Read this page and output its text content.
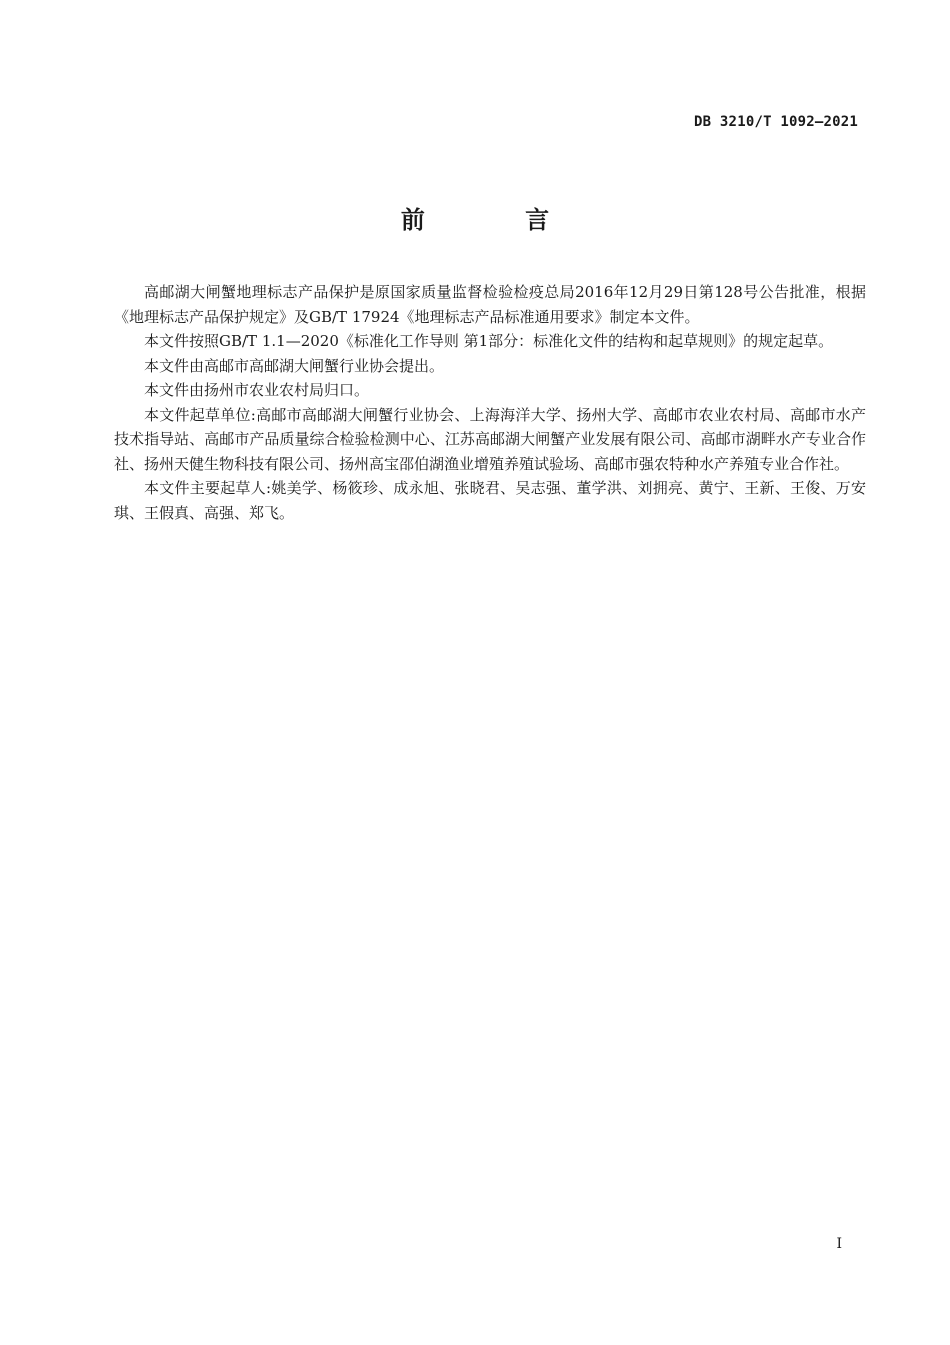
DB 3210/T 1092—2021
前 言

高邮湖大闸蟹地理标志产品保护是原国家质量监督检验检疫总局2016年12月29日第128号公告批准，根据《地理标志产品保护规定》及GB/T 17924《地理标志产品标准通用要求》制定本文件。

本文件按照GB/T 1.1—2020《标准化工作导则 第1部分：标准化文件的结构和起草规则》的规定起草。

本文件由高邮市高邮湖大闸蟹行业协会提出。

本文件由扬州市农业农村局归口。

本文件起草单位:高邮市高邮湖大闸蟹行业协会、上海海洋大学、扬州大学、高邮市农业农村局、高邮市水产技术指导站、高邮市产品质量综合检验检测中心、江苏高邮湖大闸蟹产业发展有限公司、高邮市湖畔水产专业合作社、扬州天健生物科技有限公司、扬州高宝邵伯湖渔业增殖养殖试验场、高邮市强农特种水产养殖专业合作社。

本文件主要起草人:姚美学、杨筱珍、成永旭、张晓君、吴志强、董学洪、刘拥亮、黄宁、王新、王俊、万安琪、王假真、高强、郑飞。

I
